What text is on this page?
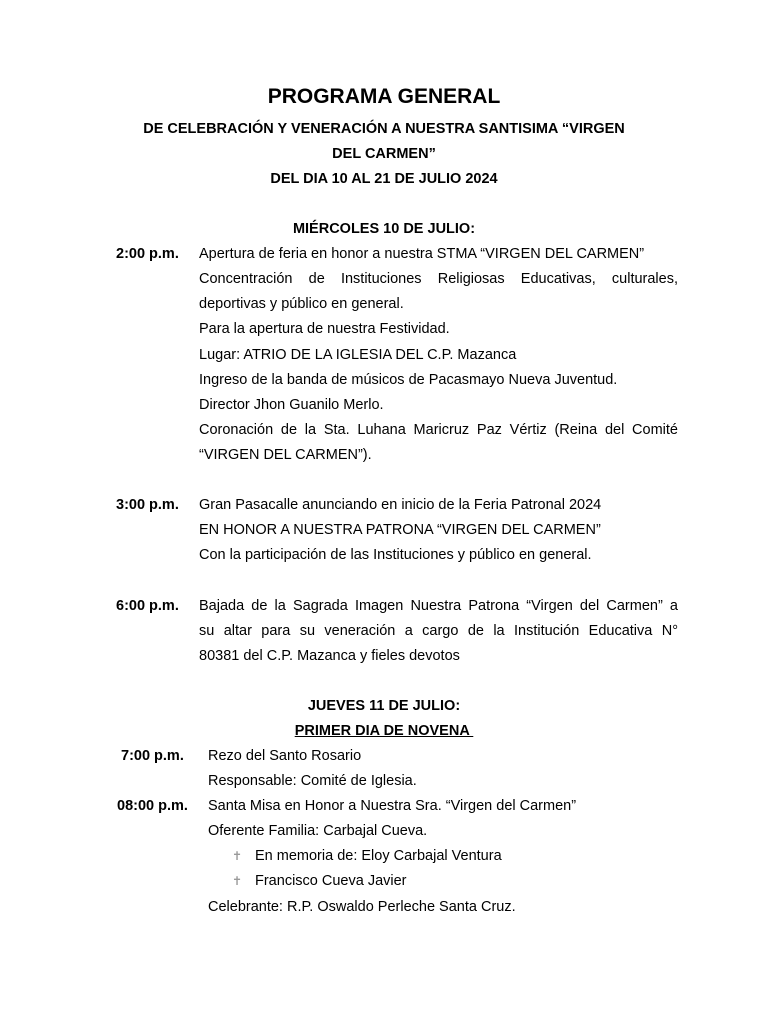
PROGRAMA GENERAL
DE CELEBRACIÓN Y VENERACIÓN A NUESTRA SANTISIMA “VIRGEN
DEL CARMEN”
DEL DIA 10 AL 21 DE JULIO 2024
MIÉRCOLES 10 DE JULIO:
2:00 p.m. Apertura de feria en honor a nuestra STMA “VIRGEN DEL CARMEN”
Concentración de Instituciones Religiosas Educativas, culturales,
deportivas y público en general.
Para la apertura de nuestra Festividad.
Lugar: ATRIO DE LA IGLESIA DEL C.P. Mazanca
Ingreso de la banda de músicos de Pacasmayo Nueva Juventud.
Director Jhon Guanilo Merlo.
Coronación de la Sta. Luhana Maricruz Paz Vértiz (Reina del Comité
“VIRGEN DEL CARMEN”).
3:00 p.m. Gran Pasacalle anunciando en inicio de la Feria Patronal 2024
EN HONOR A NUESTRA PATRONA “VIRGEN DEL CARMEN”
Con la participación de las Instituciones y público en general.
6:00 p.m. Bajada de la Sagrada Imagen Nuestra Patrona “Virgen del Carmen” a
su altar para su veneración a cargo de la Institución Educativa N°
80381 del C.P. Mazanca y fieles devotos
JUEVES 11 DE JULIO:
PRIMER DIA DE NOVENA
7:00 p.m. Rezo del Santo Rosario
Responsable: Comité de Iglesia.
08:00 p.m. Santa Misa en Honor a Nuestra Sra. “Virgen del Carmen”
Oferente Familia: Carbajal Cueva.
✝ En memoria de: Eloy Carbajal Ventura
✝ Francisco Cueva Javier
Celebrante: R.P. Oswaldo Perleche Santa Cruz.
